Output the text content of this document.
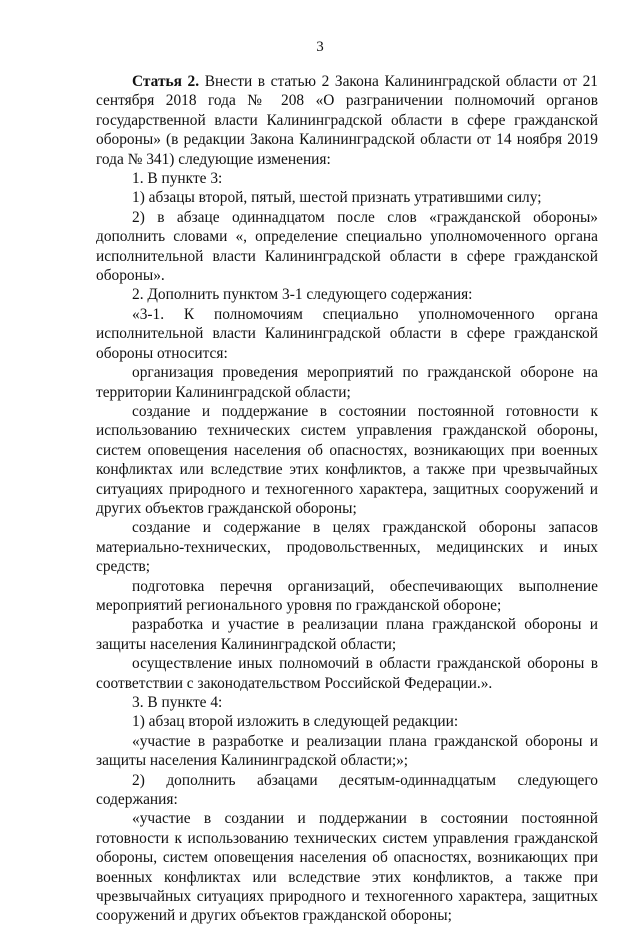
3

Статья 2. Внести в статью 2 Закона Калининградской области от 21 сентября 2018 года № 208 «О разграничении полномочий органов государственной власти Калининградской области в сфере гражданской обороны» (в редакции Закона Калининградской области от 14 ноября 2019 года № 341) следующие изменения:

1. В пункте 3:

1) абзацы второй, пятый, шестой признать утратившими силу;

2) в абзаце одиннадцатом после слов «гражданской обороны» дополнить словами «, определение специально уполномоченного органа исполнительной власти Калининградской области в сфере гражданской обороны».

2. Дополнить пунктом 3-1 следующего содержания:

«3-1. К полномочиям специально уполномоченного органа исполнительной власти Калининградской области в сфере гражданской обороны относится:

организация проведения мероприятий по гражданской обороне на территории Калининградской области;

создание и поддержание в состоянии постоянной готовности к использованию технических систем управления гражданской обороны, систем оповещения населения об опасностях, возникающих при военных конфликтах или вследствие этих конфликтов, а также при чрезвычайных ситуациях природного и техногенного характера, защитных сооружений и других объектов гражданской обороны;

создание и содержание в целях гражданской обороны запасов материально-технических, продовольственных, медицинских и иных средств;

подготовка перечня организаций, обеспечивающих выполнение мероприятий регионального уровня по гражданской обороне;

разработка и участие в реализации плана гражданской обороны и защиты населения Калининградской области;

осуществление иных полномочий в области гражданской обороны в соответствии с законодательством Российской Федерации.».

3. В пункте 4:

1) абзац второй изложить в следующей редакции:

«участие в разработке и реализации плана гражданской обороны и защиты населения Калининградской области;»;

2) дополнить абзацами десятым-одиннадцатым следующего содержания:

«участие в создании и поддержании в состоянии постоянной готовности к использованию технических систем управления гражданской обороны, систем оповещения населения об опасностях, возникающих при военных конфликтах или вследствие этих конфликтов, а также при чрезвычайных ситуациях природного и техногенного характера, защитных сооружений и других объектов гражданской обороны;
